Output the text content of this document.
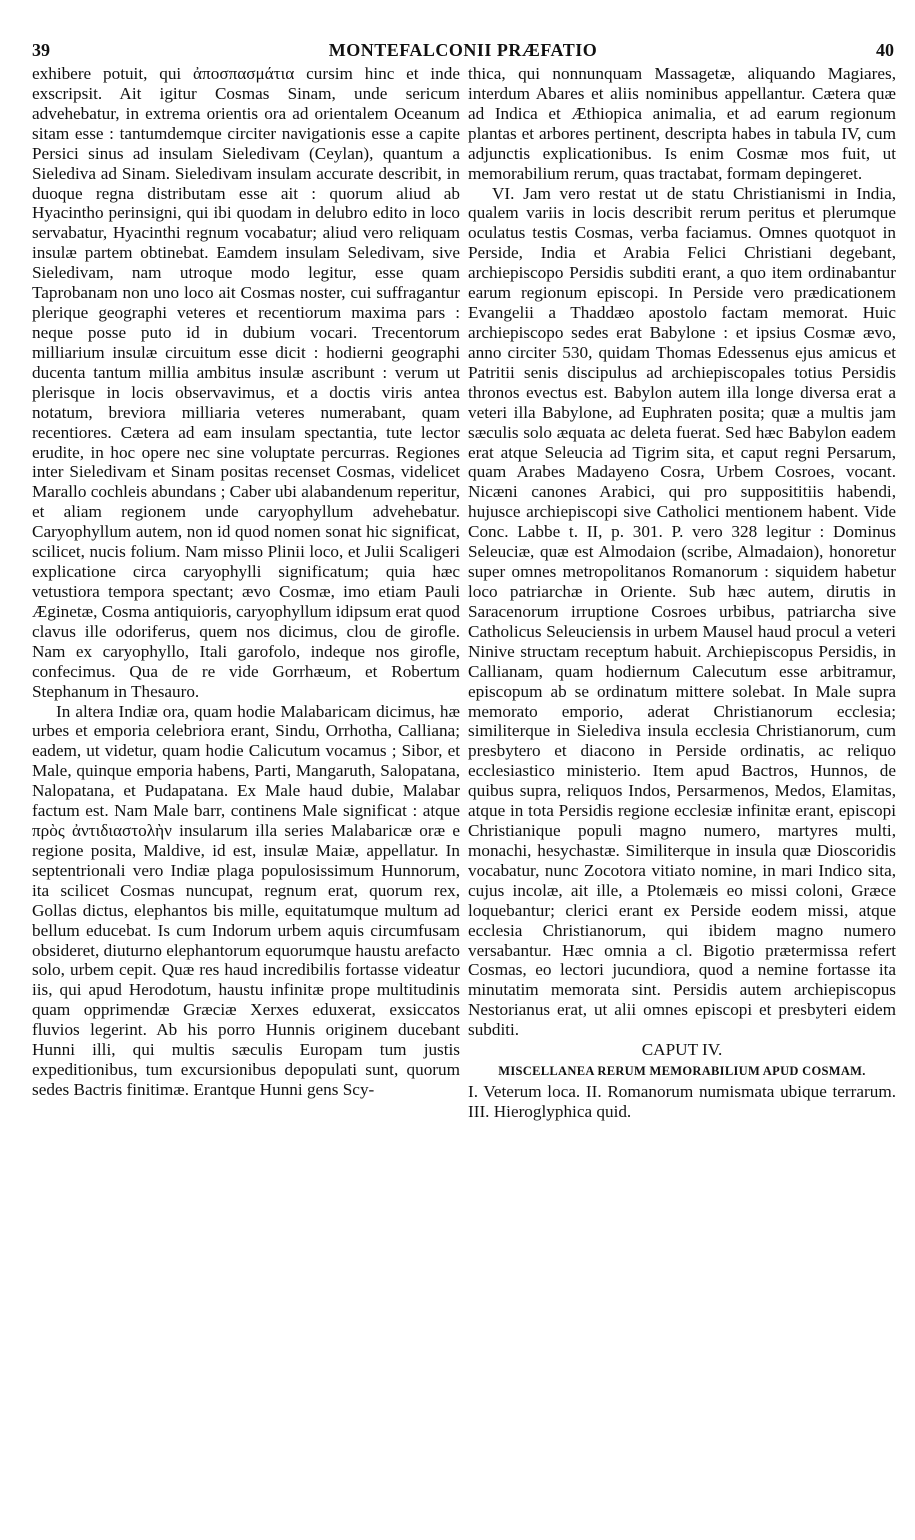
39	MONTEFALCONII PRÆFATIO	40

exhibere potuit, qui ἀποσπασμάτια cursim hinc et inde exscripsit. Ait igitur Cosmas Sinam, unde sericum advehebatur, in extrema orientis ora ad orientalem Oceanum sitam esse : tantumdemque circiter navigationis esse a capite Persici sinus ad insulam Sieledivam (Ceylan), quantum a Sielediva ad Sinam. Sieledivam insulam accurate describit, in duoque regna distributam esse ait : quorum aliud ab Hyacintho perinsigni, qui ibi quodam in delubro edito in loco servabatur, Hyacinthi regnum vocabatur; aliud vero reliquam insulæ partem obtinebat. Eamdem insulam Seledivam, sive Sieledivam, nam utroque modo legitur, esse quam Taprobanam non uno loco ait Cosmas noster, cui suffragantur plerique geographi veteres et recentiorum maxima pars : neque posse puto id in dubium vocari. Trecentorum milliarium insulæ circuitum esse dicit : hodierni geographi ducenta tantum millia ambitus insulæ ascribunt : verum ut plerisque in locis observavimus, et a doctis viris antea notatum, breviora milliaria veteres numerabant, quam recentiores. Cætera ad eam insulam spectantia, tute lector erudite, in hoc opere nec sine voluptate percurras. Regiones inter Sieledivam et Sinam positas recenset Cosmas, videlicet Marallo cochleis abundans ; Caber ubi alabandenum reperitur, et aliam regionem unde caryophyllum advehebatur. Caryophyllum autem, non id quod nomen sonat hic significat, scilicet, nucis folium. Nam misso Plinii loco, et Julii Scaligeri explicatione circa caryophylli significatum; quia hæc vetustiora tempora spectant; ævo Cosmæ, imo etiam Pauli Æginetæ, Cosma antiquioris, caryophyllum idipsum erat quod clavus ille odoriferus, quem nos dicimus, clou de girofle. Nam ex caryophyllo, Itali garofolo, indeque nos girofle, confecimus. Qua de re vide Gorrhæum, et Robertum Stephanum in Thesauro.

In altera Indiæ ora, quam hodie Malabaricam dicimus, hæ urbes et emporia celebriora erant, Sindu, Orrhotha, Calliana; eadem, ut videtur, quam hodie Calicutum vocamus ; Sibor, et Male, quinque emporia habens, Parti, Mangaruth, Salopatana, Nalopatana, et Pudapatana. Ex Male haud dubie, Malabar factum est. Nam Male barr, continens Male significat : atque πρὸς ἀντιδιαστολὴν insularum illa series Malabaricæ oræ e regione posita, Maldive, id est, insulæ Maiæ, appellatur. In septentrionali vero Indiæ plaga populosissimum Hunnorum, ita scilicet Cosmas nuncupat, regnum erat, quorum rex, Gollas dictus, elephantos bis mille, equitatumque multum ad bellum educebat. Is cum Indorum urbem aquis circumfusam obsideret, diuturno elephantorum equorumque haustu arefacto solo, urbem cepit. Quæ res haud incredibilis fortasse videatur iis, qui apud Herodotum, haustu infinitæ prope multitudinis quam opprimendæ Græciæ Xerxes eduxerat, exsiccatos fluvios legerint. Ab his porro Hunnis originem ducebant Hunni illi, qui multis sæculis Europam tum justis expeditionibus, tum excursionibus depopulati sunt, quorum sedes Bactris finitimæ. Erantque Hunni gens Scy-

thica, qui nonnunquam Massagetæ, aliquando Magiares, interdum Abares et aliis nominibus appellantur. Cætera quæ ad Indica et Æthiopica animalia, et ad earum regionum plantas et arbores pertinent, descripta habes in tabula IV, cum adjunctis explicationibus. Is enim Cosmæ mos fuit, ut memorabilium rerum, quas tractabat, formam depingeret.

VI. Jam vero restat ut de statu Christianismi in India, qualem variis in locis describit rerum peritus et plerumque oculatus testis Cosmas, verba faciamus. Omnes quotquot in Perside, India et Arabia Felici Christiani degebant, archiepiscopo Persidis subditi erant, a quo item ordinabantur earum regionum episcopi. In Perside vero prædicationem Evangelii a Thaddæo apostolo factam memorat. Huic archiepiscopo sedes erat Babylone : et ipsius Cosmæ ævo, anno circiter 530, quidam Thomas Edessenus ejus amicus et Patritii senis discipulus ad archiepiscopales totius Persidis thronos evectus est. Babylon autem illa longe diversa erat a veteri illa Babylone, ad Euphraten posita; quæ a multis jam sæculis solo æquata ac deleta fuerat. Sed hæc Babylon eadem erat atque Seleucia ad Tigrim sita, et caput regni Persarum, quam Arabes Madayeno Cosra, Urbem Cosroes, vocant. Nicæni canones Arabici, qui pro supposititiis habendi, hujusce archiepiscopi sive Catholici mentionem habent. Vide Conc. Labbe t. II, p. 301. P. vero 328 legitur : Dominus Seleuciæ, quæ est Almodaion (scribe, Almadaion), honoretur super omnes metropolitanos Romanorum : siquidem habetur loco patriarchæ in Oriente. Sub hæc autem, dirutis in Saracenorum irruptione Cosroes urbibus, patriarcha sive Catholicus Seleuciensis in urbem Mausel haud procul a veteri Ninive structam receptum habuit. Archiepiscopus Persidis, in Callianam, quam hodiernum Calecutum esse arbitramur, episcopum ab se ordinatum mittere solebat. In Male supra memorato emporio, aderat Christianorum ecclesia; similiterque in Sielediva insula ecclesia Christianorum, cum presbytero et diacono in Perside ordinatis, ac reliquo ecclesiastico ministerio. Item apud Bactros, Hunnos, de quibus supra, reliquos Indos, Persarmenos, Medos, Elamitas, atque in tota Persidis regione ecclesiæ infinitæ erant, episcopi Christianique populi magno numero, martyres multi, monachi, hesychastæ. Similiterque in insula quæ Dioscoridis vocabatur, nunc Zocotora vitiato nomine, in mari Indico sita, cujus incolæ, ait ille, a Ptolemæis eo missi coloni, Græce loquebantur; clerici erant ex Perside eodem missi, atque ecclesia Christianorum, qui ibidem magno numero versabantur. Hæc omnia a cl. Bigotio prætermissa refert Cosmas, eo lectori jucundiora, quod a nemine fortasse ita minutatim memorata sint. Persidis autem archiepiscopus Nestorianus erat, ut alii omnes episcopi et presbyteri eidem subditi.

CAPUT IV.

MISCELLANEA RERUM MEMORABILIUM APUD COSMAM.

I. Veterum loca. II. Romanorum numismata ubique terrarum. III. Hieroglyphica quid.
